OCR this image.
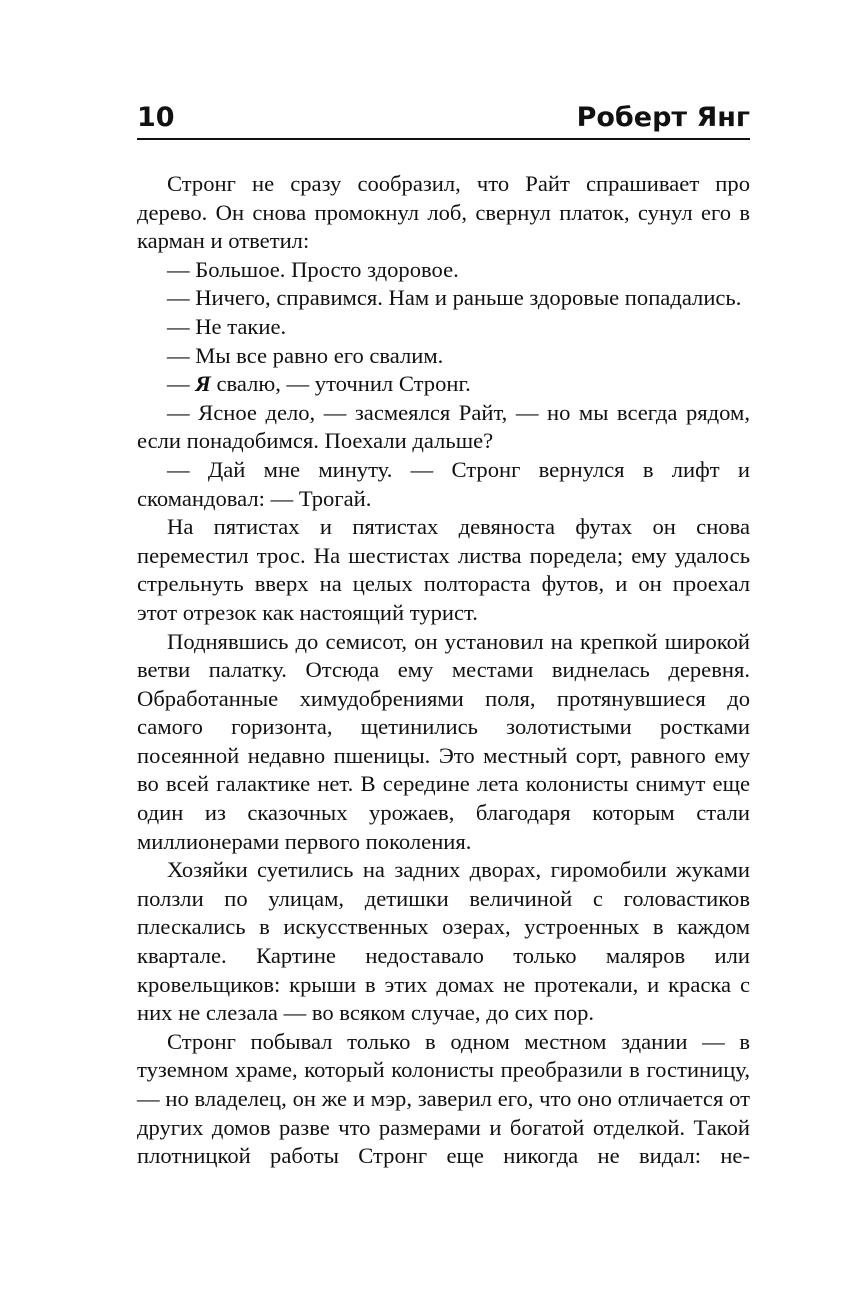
10	Роберт Янг

Стронг не сразу сообразил, что Райт спрашивает про дерево. Он снова промокнул лоб, свернул платок, сунул его в карман и ответил:

— Большое. Просто здоровое.

— Ничего, справимся. Нам и раньше здоровые попадались.

— Не такие.

— Мы все равно его свалим.

— Я свалю, — уточнил Стронг.

— Ясное дело, — засмеялся Райт, — но мы всегда рядом, если понадобимся. Поехали дальше?

— Дай мне минуту. — Стронг вернулся в лифт и скомандовал: — Трогай.

На пятистах и пятистах девяноста футах он снова переместил трос. На шестистах листва поредела; ему удалось стрельнуть вверх на целых полтораста футов, и он проехал этот отрезок как настоящий турист.

Поднявшись до семисот, он установил на крепкой широкой ветви палатку. Отсюда ему местами виднелась деревня. Обработанные химудобрениями поля, протянувшиеся до самого горизонта, щетинились золотистыми ростками посеянной недавно пшеницы. Это местный сорт, равного ему во всей галактике нет. В середине лета колонисты снимут еще один из сказочных урожаев, благодаря которым стали миллионерами первого поколения.

Хозяйки суетились на задних дворах, гиромобили жуками ползли по улицам, детишки величиной с головастиков плескались в искусственных озерах, устроенных в каждом квартале. Картине недоставало только маляров или кровельщиков: крыши в этих домах не протекали, и краска с них не слезала — во всяком случае, до сих пор.

Стронг побывал только в одном местном здании — в туземном храме, который колонисты преобразили в гостиницу, — но владелец, он же и мэр, заверил его, что оно отличается от других домов разве что размерами и богатой отделкой. Такой плотницкой работы Стронг еще никогда не видал: не-
